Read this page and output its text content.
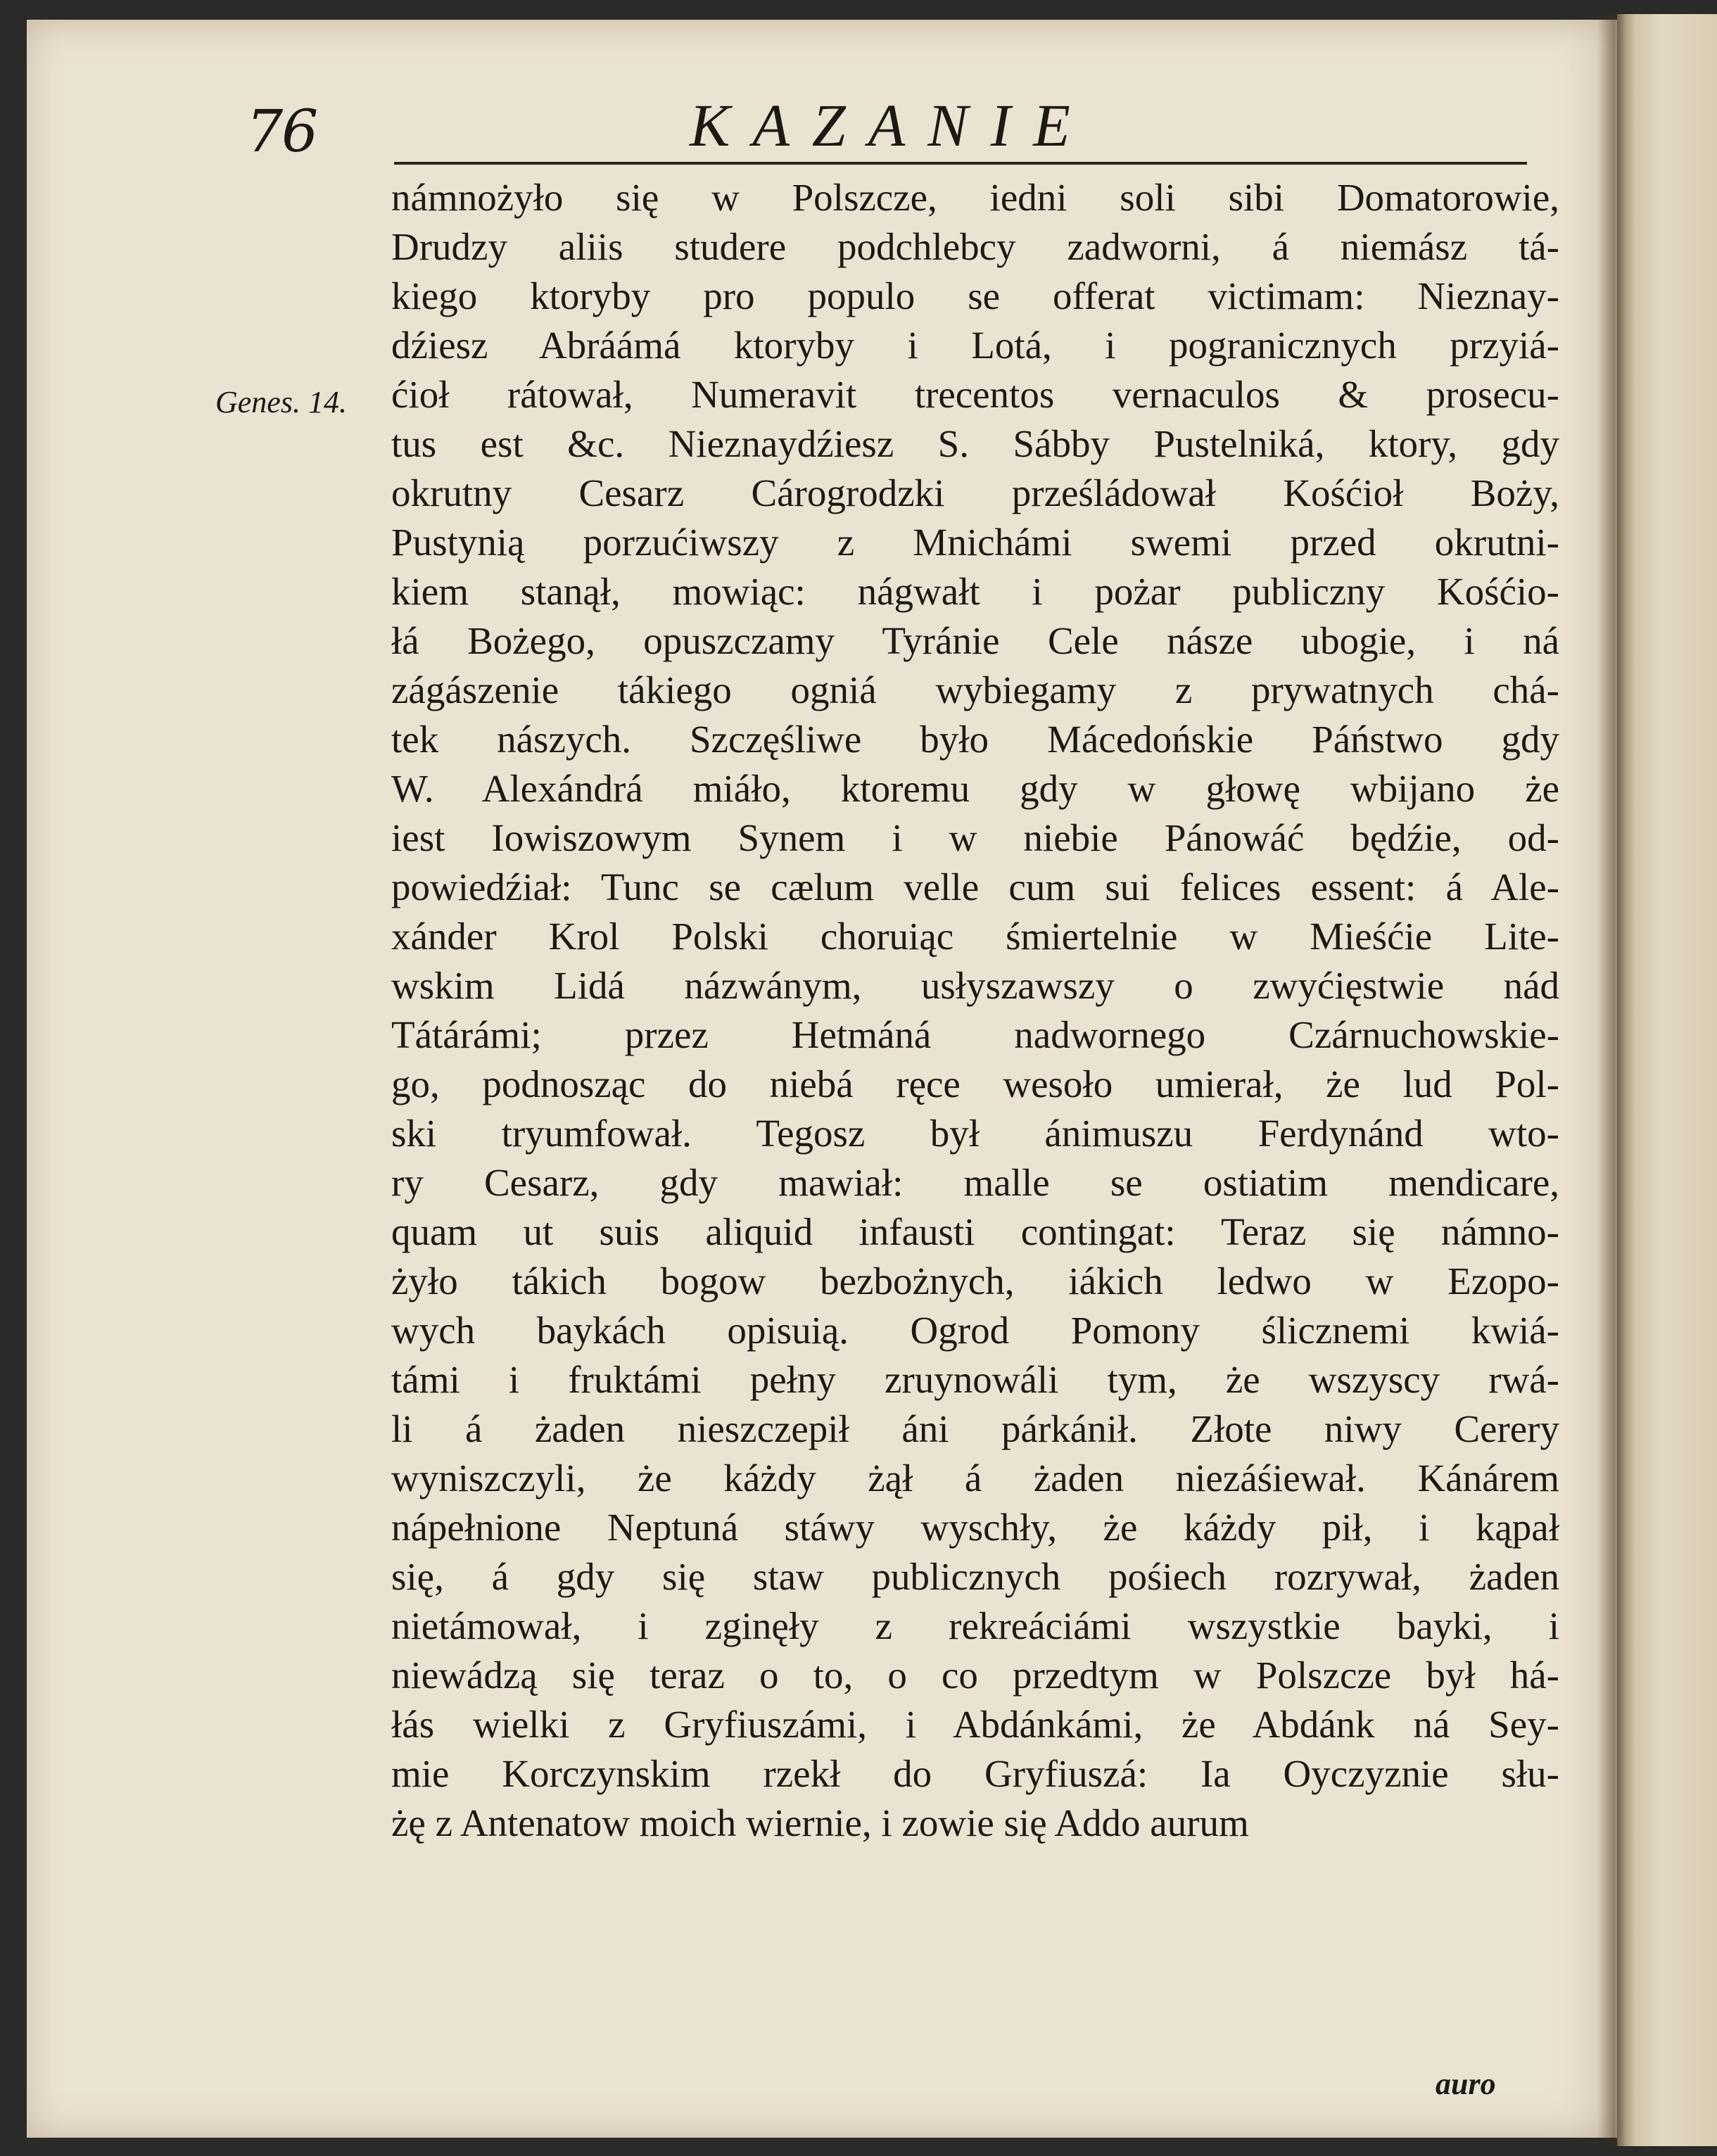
76	KAZANIE
Genes. 14.
námnożyło się w Polszcze, iedni soli sibi Domatorowie,
Drudzy aliis studere podchlebcy zadworni, á niemász tá-
kiego ktoryby pro populo se offerat victimam: Nieznay-
dźiesz Abráámá ktoryby i Lotá, i pogranicznych przyiá-
ćioł rátował, Numeravit trecentos vernaculos & prosecu-
tus est &c. Nieznaydźiesz S. Sábby Pustelniká, ktory, gdy
okrutny Cesarz Cárogrodzki prześládował Kośćioł Boży,
Pustynią porzućiwszy z Mnichámi swemi przed okrutni-
kiem stanął, mowiąc: nágwałt i pożar publiczny Kośćio-
łá Bożego, opuszczamy Tyránie Cele násze ubogie, i ná
zágászenie tákiego ogniá wybiegamy z prywatnych chá-
tek nászych. Szczęśliwe było Mácedońskie Páństwo gdy
W. Alexándrá miáło, ktoremu gdy w głowę wbijano że
iest Iowiszowym Synem i w niebie Pánowáć będźie, od-
powiedźiał: Tunc se cælum velle cum sui felices essent: á Ale-
xánder Krol Polski choruiąc śmiertelnie w Mieśćie Lite-
wskim Lidá názwánym, usłyszawszy o zwyćięstwie nád
Tátárámi; przez Hetmáná nadwornego Czárnuchowskie-
go, podnosząc do niebá ręce wesoło umierał, że lud Pol-
ski tryumfował. Tegosz był ánimuszu Ferdynánd wto-
ry Cesarz, gdy mawiał: malle se ostiatim mendicare,
quam ut suis aliquid infausti contingat: Teraz się námno-
żyło tákich bogow bezbożnych, iákich ledwo w Ezopo-
wych baykách opisuią. Ogrod Pomony ślicznemi kwiá-
támi i fruktámi pełny zruynowáli tym, że wszyscy rwá-
li á żaden nieszczepił áni párkánił. Złote niwy Cerery
wyniszczyli, że káżdy żął á żaden niezáśiewał. Kánárem
nápełnione Neptuná stáwy wyschły, że káżdy pił, i kąpał
się, á gdy się staw publicznych pośiech rozrywał, żaden
nietámował, i zginęły z rekreáciámi wszystkie bayki, i
niewádzą się teraz o to, o co przedtym w Polszcze był há-
łás wielki z Gryfiuszámi, i Abdánkámi, że Abdánk ná Sey-
mie Korczynskim rzekł do Gryfiuszá: Ia Oyczyznie słu-
żę z Antenatow moich wiernie, i zowie się Addo aurum
auro
